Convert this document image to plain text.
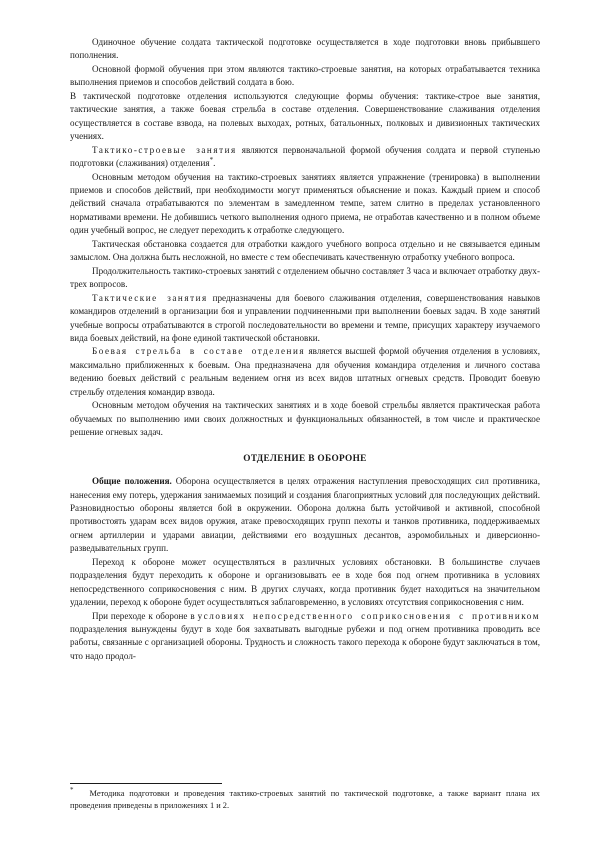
Одиночное обучение солдата тактической подготовке осуществляется в ходе подготовки вновь прибывшего пополнения.

Основной формой обучения при этом являются тактико-строевые занятия, на которых отрабатывается техника выполнения приемов и способов действий солдата в бою.

В тактической подготовке отделения используются следующие формы обучения: тактике-строе вые занятия, тактические занятия, а также боевая стрельба в составе отделения. Совершенствование слаживания отделения осуществляется в составе взвода, на полевых выходах, ротных, батальонных, полковых и дивизионных тактических учениях.

Тактико-строевые занятия являются первоначальной формой обучения солдата и первой ступенью подготовки (слаживания) отделения*.

Основным методом обучения на тактико-строевых занятиях является упражнение (тренировка) в выполнении приемов и способов действий, при необходимости могут применяться объяснение и показ. Каждый прием и способ действий сначала отрабатываются по элементам в замедленном темпе, затем слитно в пределах установленного нормативами времени. Не добившись четкого выполнения одного приема, не отработав качественно и в полном объеме один учебный вопрос, не следует переходить к отработке следующего.

Тактическая обстановка создается для отработки каждого учебного вопроса отдельно и не связывается единым замыслом. Она должна быть несложной, но вместе с тем обеспечивать качественную отработку учебного вопроса.

Продолжительность тактико-строевых занятий с отделением обычно составляет 3 часа и включает отработку двух-трех вопросов.

Тактические занятия предназначены для боевого слаживания отделения, совершенствования навыков командиров отделений в организации боя и управлении подчиненными при выполнении боевых задач. В ходе занятий учебные вопросы отрабатываются в строгой последовательности во времени и темпе, присущих характеру изучаемого вида боевых действий, на фоне единой тактической обстановки.

Боевая стрельба в составе отделения является высшей формой обучения отделения в условиях, максимально приближенных к боевым. Она предназначена для обучения командира отделения и личного состава ведению боевых действий с реальным ведением огня из всех видов штатных огневых средств. Проводит боевую стрельбу отделения командир взвода.

Основным методом обучения на тактических занятиях и в ходе боевой стрельбы является практическая работа обучаемых по выполнению ими своих должностных и функциональных обязанностей, в том числе и практическое решение огневых задач.

ОТДЕЛЕНИЕ В ОБОРОНЕ

Общие положения. Оборона осуществляется в целях отражения наступления превосходящих сил противника, нанесения ему потерь, удержания занимаемых позиций и создания благоприятных условий для последующих действий. Разновидностью обороны является бой в окружении. Оборона должна быть устойчивой и активной, способной противостоять ударам всех видов оружия, атаке превосходящих групп пехоты и танков противника, поддерживаемых огнем артиллерии и ударами авиации, действиями его воздушных десантов, аэромобильных и диверсионно-разведывательных групп.

Переход к обороне может осуществляться в различных условиях обстановки. В большинстве случаев подразделения будут переходить к обороне и организовывать ее в ходе боя под огнем противника в условиях непосредственного соприкосновения с ним. В других случаях, когда противник будет находиться на значительном удалении, переход к обороне будет осуществляться заблаговременно, в условиях отсутствия соприкосновения с ним.

При переходе к обороне в условиях непосредственного соприкосновения с противником подразделения вынуждены будут в ходе боя захватывать выгодные рубежи и под огнем противника проводить все работы, связанные с организацией обороны. Трудность и сложность такого перехода к обороне будут заключаться в том, что надо продол-

* Методика подготовки и проведения тактико-строевых занятий по тактической подготовке, а также вариант плана их проведения приведены в приложениях 1 и 2.
